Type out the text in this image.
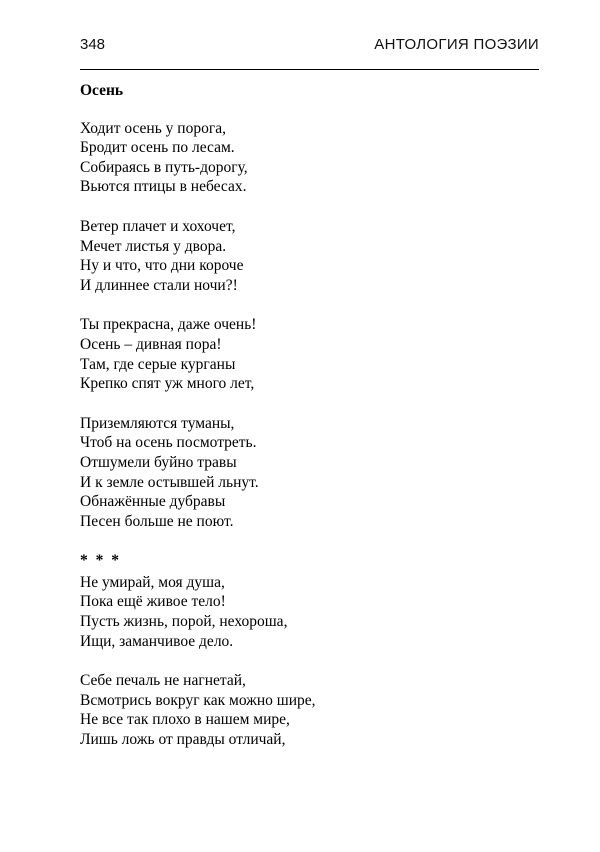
348	АНТОЛОГИЯ ПОЭЗИИ
Осень
Ходит осень у порога,
Бродит осень по лесам.
Собираясь в путь-дорогу,
Вьются птицы в небесах.
Ветер плачет и хохочет,
Мечет листья у двора.
Ну и что, что дни короче
И длиннее стали ночи?!
Ты прекрасна, даже очень!
Осень – дивная пора!
Там, где серые курганы
Крепко спят уж много лет,
Приземляются туманы,
Чтоб на осень посмотреть.
Отшумели буйно травы
И к земле остывшей льнут.
Обнажённые дубравы
Песен больше не поют.
* * *
Не умирай, моя душа,
Пока ещё живое тело!
Пусть жизнь, порой, нехороша,
Ищи, заманчивое дело.
Себе печаль не нагнетай,
Всмотрись вокруг как можно шире,
Не все так плохо в нашем мире,
Лишь ложь от правды отличай,
